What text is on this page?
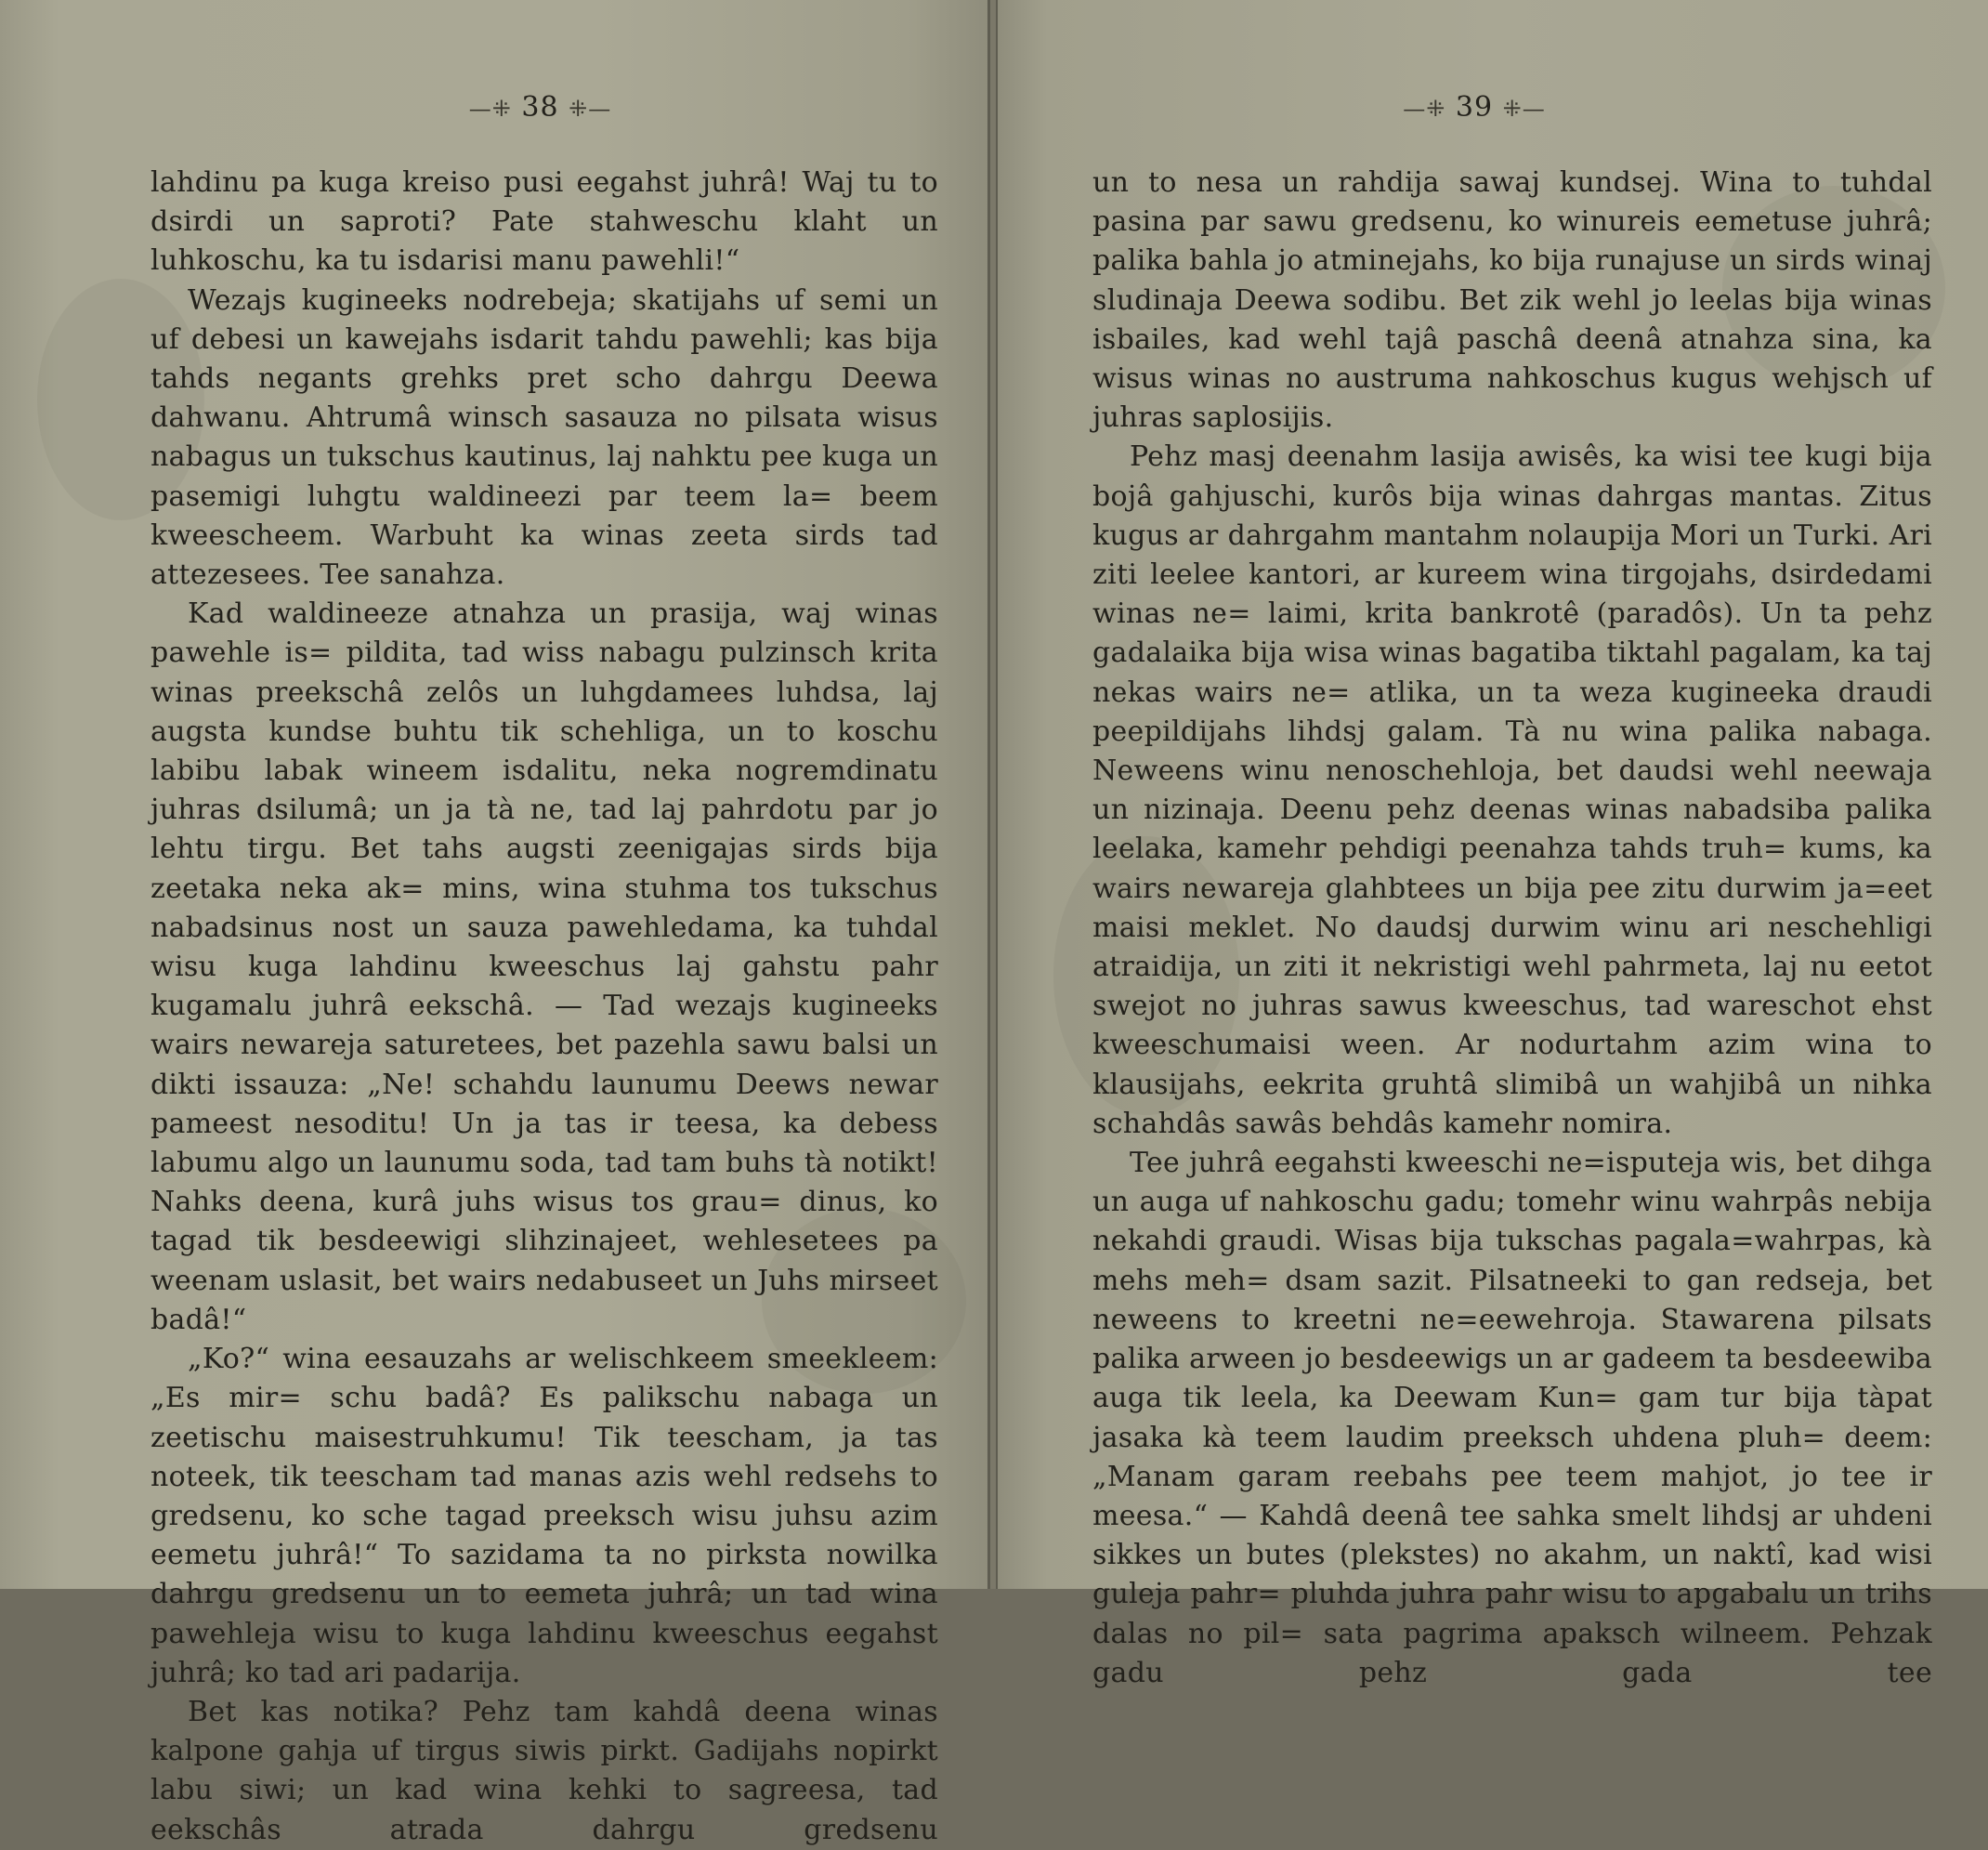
—⁜ 38 ⁜—

lahdinu pa kuga kreiso pusi eegahst juhrâ! Waj tu to dsirdi un saproti? Pate stahweschu klaht un luhkoschu, ka tu isdarisi manu pawehli!“

Wezajs kugineeks nodrebeja; skatijahs uf semi un uf debesi un kawejahs isdarit tahdu pawehli; kas bija tahds negants grehks pret scho dahrgu Deewa dahwanu. Ahtrumâ winsch sasauza no pilsata wisus nabagus un tukschus kautinus, laj nahktu pee kuga un pasemigi luhgtu waldineezi par teem la= beem kweescheem. Warbuht ka winas zeeta sirds tad attezesees. Tee sanahza.

Kad waldineeze atnahza un prasija, waj winas pawehle is= pildita, tad wiss nabagu pulzinsch krita winas preekschâ zelôs un luhgdamees luhdsa, laj augsta kundse buhtu tik schehliga, un to koschu labibu labak wineem isdalitu, neka nogremdinatu juhras dsilumâ; un ja tà ne, tad laj pahrdotu par jo lehtu tirgu. Bet tahs augsti zeenigajas sirds bija zeetaka neka ak= mins, wina stuhma tos tukschus nabadsinus nost un sauza pawehledama, ka tuhdal wisu kuga lahdinu kweeschus laj gahstu pahr kugamalu juhrâ eekschâ. — Tad wezajs kugineeks wairs newareja saturetees, bet pazehla sawu balsi un dikti issauza: „Ne! schahdu launumu Deews newar pameest nesoditu! Un ja tas ir teesa, ka debess labumu algo un launumu soda, tad tam buhs tà notikt! Nahks deena, kurâ juhs wisus tos grau= dinus, ko tagad tik besdeewigi slihzinajeet, wehlesetees pa weenam uslasit, bet wairs nedabuseet un Juhs mirseet badâ!“

„Ko?“ wina eesauzahs ar welischkeem smeekleem: „Es mir= schu badâ? Es palikschu nabaga un zeetischu maisestruhkumu! Tik teescham, ja tas noteek, tik teescham tad manas azis wehl redsehs to gredsenu, ko sche tagad preeksch wisu juhsu azim eemetu juhrâ!“ To sazidama ta no pirksta nowilka dahrgu gredsenu un to eemeta juhrâ; un tad wina pawehleja wisu to kuga lahdinu kweeschus eegahst juhrâ; ko tad ari padarija.

Bet kas notika? Pehz tam kahdâ deena winas kalpone gahja uf tirgus siwis pirkt. Gadijahs nopirkt labu siwi; un kad wina kehki to sagreesa, tad eekschâs atrada dahrgu gredsenu

—⁜ 39 ⁜—

un to nesa un rahdija sawaj kundsej. Wina to tuhdal pasina par sawu gredsenu, ko winureis eemetuse juhrâ; palika bahla jo atminejahs, ko bija runajuse un sirds winaj sludinaja Deewa sodibu. Bet zik wehl jo leelas bija winas isbailes, kad wehl tajâ paschâ deenâ atnahza sina, ka wisus winas no austruma nahkoschus kugus wehjsch uf juhras saplosijis.

Pehz masj deenahm lasija awisês, ka wisi tee kugi bija bojâ gahjuschi, kurôs bija winas dahrgas mantas. Zitus kugus ar dahrgahm mantahm nolaupija Mori un Turki. Ari ziti leelee kantori, ar kureem wina tirgojahs, dsirdedami winas ne= laimi, krita bankrotê (paradôs). Un ta pehz gadalaika bija wisa winas bagatiba tiktahl pagalam, ka taj nekas wairs ne= atlika, un ta weza kugineeka draudi peepildijahs lihdsj galam. Tà nu wina palika nabaga. Neweens winu nenoschehloja, bet daudsi wehl neewaja un nizinaja. Deenu pehz deenas winas nabadsiba palika leelaka, kamehr pehdigi peenahza tahds truh= kums, ka wairs newareja glahbtees un bija pee zitu durwim ja=eet maisi meklet. No daudsj durwim winu ari neschehligi atraidija, un ziti it nekristigi wehl pahrmeta, laj nu eetot swejot no juhras sawus kweeschus, tad wareschot ehst kweeschumaisi ween. Ar nodurtahm azim wina to klausijahs, eekrita gruhtâ slimibâ un wahjibâ un nihka schahdâs sawâs behdâs kamehr nomira.

Tee juhrâ eegahsti kweeschi ne=isputeja wis, bet dihga un auga uf nahkoschu gadu; tomehr winu wahrpâs nebija nekahdi graudi. Wisas bija tukschas pagala=wahrpas, kà mehs meh= dsam sazit. Pilsatneeki to gan redseja, bet neweens to kreetni ne=eewehroja. Stawarena pilsats palika arween jo besdeewigs un ar gadeem ta besdeewiba auga tik leela, ka Deewam Kun= gam tur bija tàpat jasaka kà teem laudim preeksch uhdena pluh= deem: „Manam garam reebahs pee teem mahjot, jo tee ir meesa.“ — Kahdâ deenâ tee sahka smelt lihdsj ar uhdeni sikkes un butes (plekstes) no akahm, un naktî, kad wisi guleja pahr= pluhda juhra pahr wisu to apgabalu un trihs dalas no pil= sata pagrima apaksch wilneem. Pehzak gadu pehz gada tee
